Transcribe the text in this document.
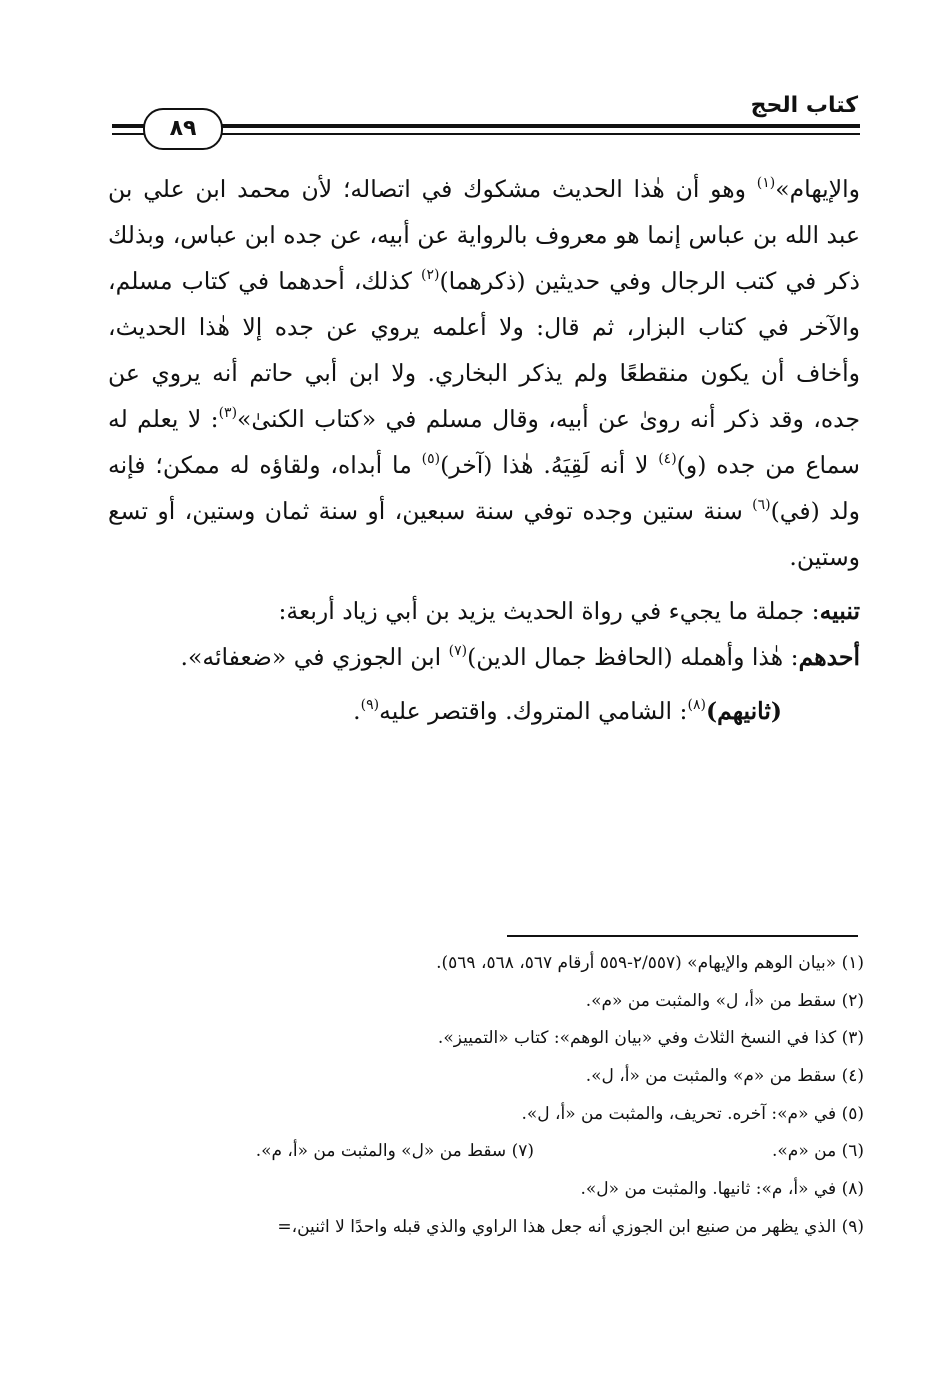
كتاب الحج
٨٩

والإيهام»$^{(١)}$ وهو أن هٰذا الحديث مشكوك في اتصاله؛ لأن محمد ابن علي بن عبد الله بن عباس إنما هو معروف بالرواية عن أبيه، عن جده ابن عباس، وبذلك ذكر في كتب الرجال وفي حديثين (ذكرهما)$^{(٢)}$ كذلك، أحدهما في كتاب مسلم، والآخر في كتاب البزار، ثم قال: ولا أعلمه يروي عن جده إلا هٰذا الحديث، وأخاف أن يكون منقطعًا ولم يذكر البخاري. ولا ابن أبي حاتم أنه يروي عن جده، وقد ذكر أنه روىٰ عن أبيه، وقال مسلم في «كتاب الكنىٰ»$^{(٣)}$: لا يعلم له سماع من جده (و)$^{(٤)}$ لا أنه لَقِيَهُ. هٰذا (آخر)$^{(٥)}$ ما أبداه، ولقاؤه له ممكن؛ فإنه ولد (في)$^{(٦)}$ سنة ستين وجده توفي سنة سبعين، أو سنة ثمان وستين، أو تسع وستين.

تنبيه: جملة ما يجيء في رواة الحديث يزيد بن أبي زياد أربعة:

أحدهم: هٰذا وأهمله (الحافظ جمال الدين)$^{(٧)}$ ابن الجوزي في «ضعفائه».

(ثانيهم)$^{(٨)}$: الشامي المتروك. واقتصر عليه$^{(٩)}$.

(١) «بيان الوهم والإيهام» (٢/٥٥٧-٥٥٩ أرقام ٥٦٧، ٥٦٨، ٥٦٩).
(٢) سقط من «أ، ل» والمثبت من «م».
(٣) كذا في النسخ الثلاث وفي «بيان الوهم»: كتاب «التمييز».
(٤) سقط من «م» والمثبت من «أ، ل».
(٥) في «م»: آخره. تحريف، والمثبت من «أ، ل».
(٦) من «م».
(٧) سقط من «ل» والمثبت من «أ، م».
(٨) في «أ، م»: ثانيها. والمثبت من «ل».
(٩) الذي يظهر من صنيع ابن الجوزي أنه جعل هذا الراوي والذي قبله واحدًا لا اثنين،=
